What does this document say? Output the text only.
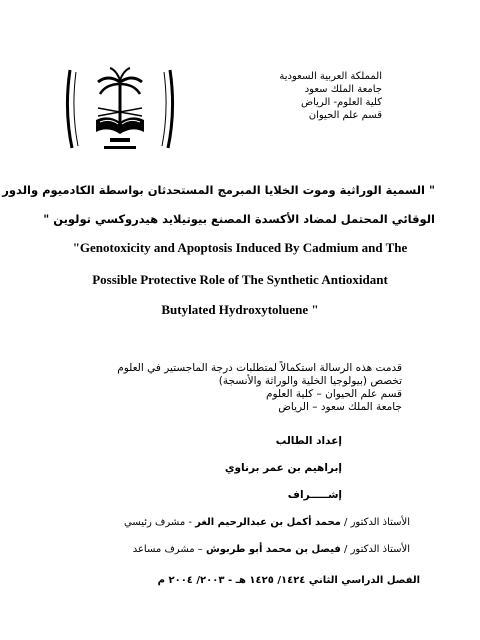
المملكة العربية السعودية
جامعة الملك سعود
كلية العلوم- الرياض
قسم علم الحيوان
" السمية الوراثية وموت الخلايا المبرمج المستحدثان بواسطة الكادميوم والدور
الوقائي المحتمل لمضاد الأكسدة المصنع بيوتيلايد هيدروكسي تولوين "
"Genotoxicity and Apoptosis Induced By Cadmium and The
Possible Protective Role of The Synthetic Antioxidant
Butylated Hydroxytoluene "
قدمت هذه الرسالة استكمالاً لمتطلبات درجة الماجستير في العلوم
تخصص (بيولوجيا الخلية والوراثة والأنسجة)
قسم علم الحيوان – كلية العلوم
جامعة الملك سعود – الرياض
إعداد الطالب
إبراهيم بن عمر برناوي
إشـــــراف
الأستاذ الدكتور / محمد أكمل بن عبدالرحيم الغر - مشرف رئيسي
الأستاذ الدكتور / فيصل بن محمد أبو طربوش – مشرف مساعد
الفصل الدراسي الثاني ١٤٢٤/ ١٤٢٥ هـ - ٢٠٠٣/ ٢٠٠٤ م
